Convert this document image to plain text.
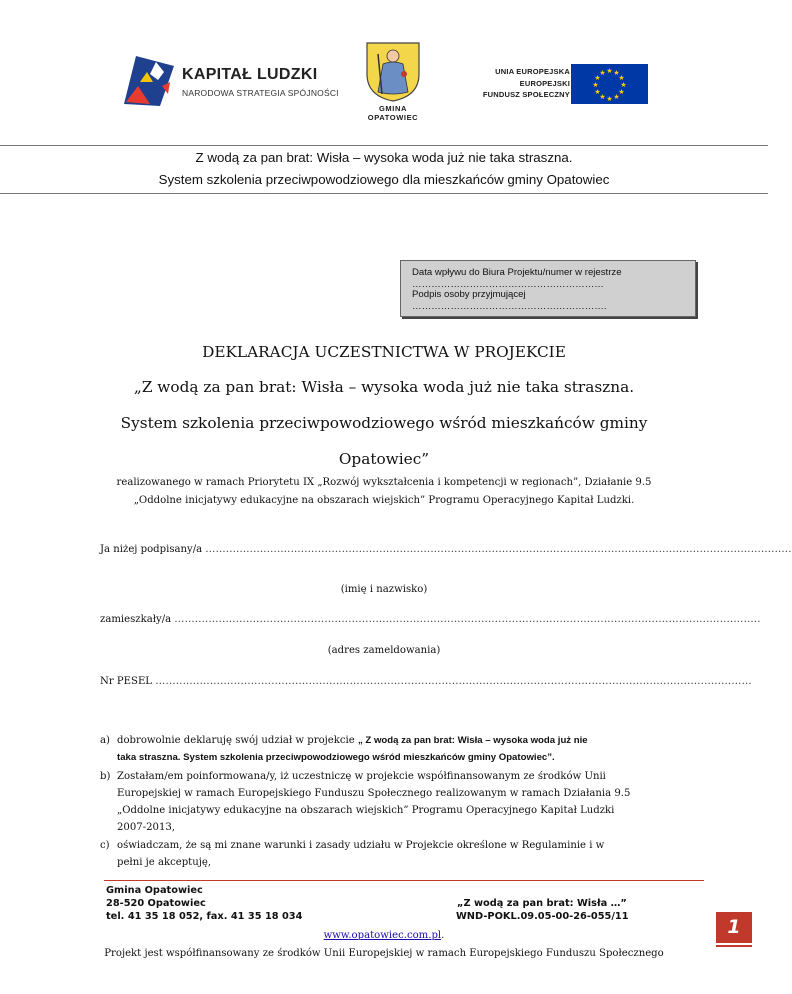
KAPITAŁ LUDZKI
NARODOWA STRATEGIA SPÓJNOŚCI
GMINA
OPATOWIEC
UNIA EUROPEJSKA
EUROPEJSKI
FUNDUSZ SPOŁECZNY
★ ★
★
★
★
★
★
★
★
★
★
★
Z wodą za pan brat: Wisła – wysoka woda już nie taka straszna.
System szkolenia przeciwpowodziowego dla mieszkańców gminy Opatowiec
Data wpływu do Biura Projektu/numer w rejestrze
……………………………………………………
Podpis osoby przyjmującej
…………………………………………………….
DEKLARACJA UCZESTNICTWA W PROJEKCIE
„Z wodą za pan brat: Wisła – wysoka woda już nie taka straszna.
System szkolenia przeciwpowodziowego wśród mieszkańców gminy
Opatowiec”
realizowanego w ramach Priorytetu IX „Rozwój wykształcenia i kompetencji w regionach”, Działanie 9.5
„Oddolne inicjatywy edukacyjne na obszarach wiejskich” Programu Operacyjnego Kapitał Ludzki.
Ja niżej podpisany/a ............................................................................................................................................................................
(imię i nazwisko)
zamieszkały/a ............................................................................................................................................................................
(adres zameldowania)
Nr PESEL …............................................................................................................................................................................
a) dobrowolnie deklaruję swój udział w projekcie „ Z wodą za pan brat: Wisła – wysoka woda już nie
taka straszna. System szkolenia przeciwpowodziowego wśród mieszkańców gminy Opatowiec”.
b) Zostałam/em poinformowana/y, iż uczestniczę w projekcie współfinansowanym ze środków Unii
Europejskiej w ramach Europejskiego Funduszu Społecznego realizowanym w ramach Działania 9.5
„Oddolne inicjatywy edukacyjne na obszarach wiejskich” Programu Operacyjnego Kapitał Ludzki
2007-2013,
c) oświadczam, że są mi znane warunki i zasady udziału w Projekcie określone w Regulaminie i w
pełni je akceptuję,
Gmina Opatowiec
28-520 Opatowiec
tel. 41 35 18 052, fax. 41 35 18 034
„Z wodą za pan brat: Wisła …”
WND-POKL.09.05-00-26-055/11
www.opatowiec.com.pl.
Projekt jest współfinansowany ze środków Unii Europejskiej w ramach Europejskiego Funduszu Społecznego
1
